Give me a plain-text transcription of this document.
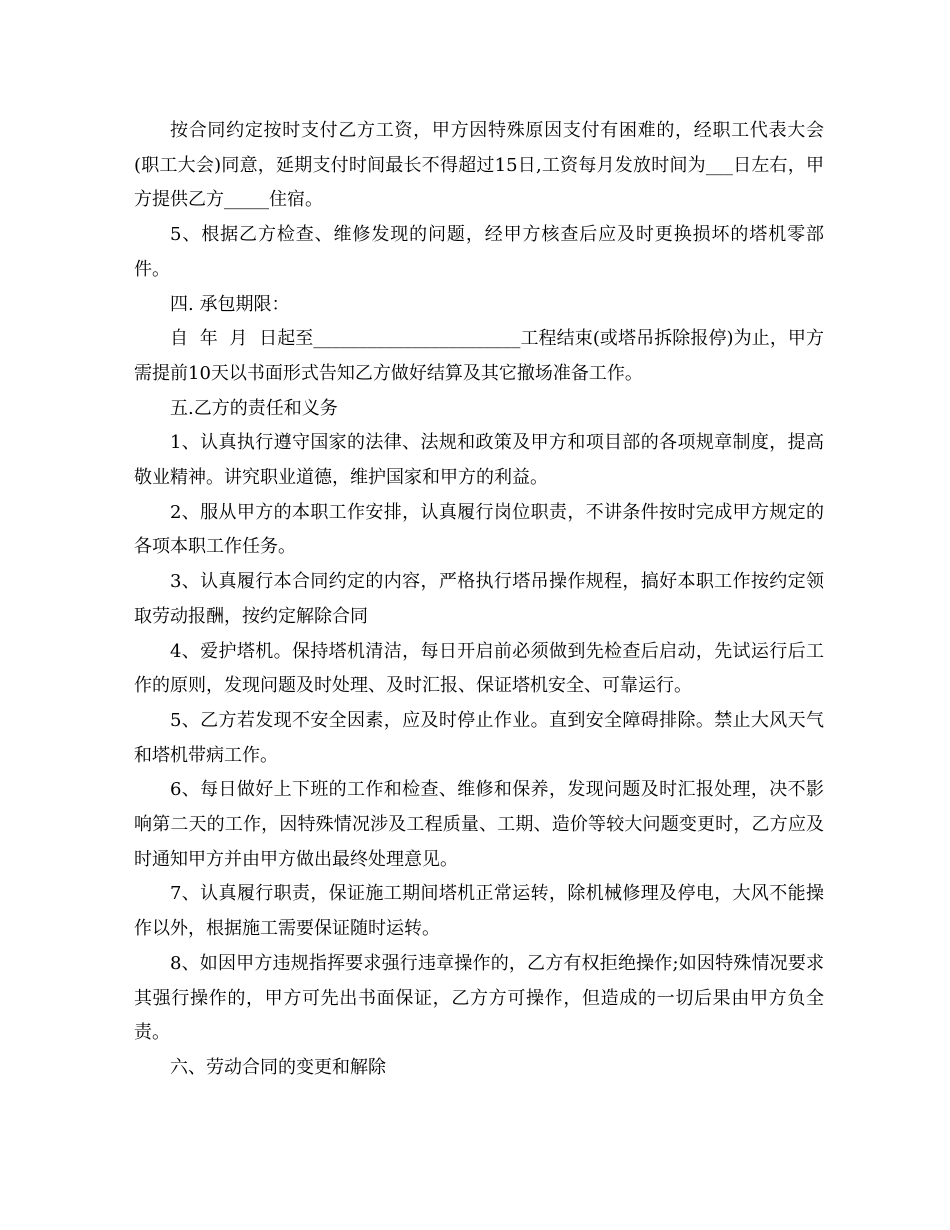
按合同约定按时支付乙方工资，甲方因特殊原因支付有困难的，经职工代表大会(职工大会)同意，延期支付时间最长不得超过15日,工资每月发放时间为___日左右，甲方提供乙方_____住宿。

5、根据乙方检查、维修发现的问题，经甲方核查后应及时更换损坏的塔机零部件。

四. 承包期限：

自  年  月  日起至_______________________工程结束(或塔吊拆除报停)为止，甲方需提前10天以书面形式告知乙方做好结算及其它撤场准备工作。

五.乙方的责任和义务

1、认真执行遵守国家的法律、法规和政策及甲方和项目部的各项规章制度，提高敬业精神。讲究职业道德，维护国家和甲方的利益。

2、服从甲方的本职工作安排，认真履行岗位职责，不讲条件按时完成甲方规定的各项本职工作任务。

3、认真履行本合同约定的内容，严格执行塔吊操作规程，搞好本职工作按约定领取劳动报酬，按约定解除合同

4、爱护塔机。保持塔机清洁，每日开启前必须做到先检查后启动，先试运行后工作的原则，发现问题及时处理、及时汇报、保证塔机安全、可靠运行。

5、乙方若发现不安全因素，应及时停止作业。直到安全障碍排除。禁止大风天气和塔机带病工作。

6、每日做好上下班的工作和检查、维修和保养，发现问题及时汇报处理，决不影响第二天的工作，因特殊情况涉及工程质量、工期、造价等较大问题变更时，乙方应及时通知甲方并由甲方做出最终处理意见。

7、认真履行职责，保证施工期间塔机正常运转，除机械修理及停电，大风不能操作以外，根据施工需要保证随时运转。

8、如因甲方违规指挥要求强行违章操作的，乙方有权拒绝操作;如因特殊情况要求其强行操作的，甲方可先出书面保证，乙方方可操作，但造成的一切后果由甲方负全责。

六、劳动合同的变更和解除
